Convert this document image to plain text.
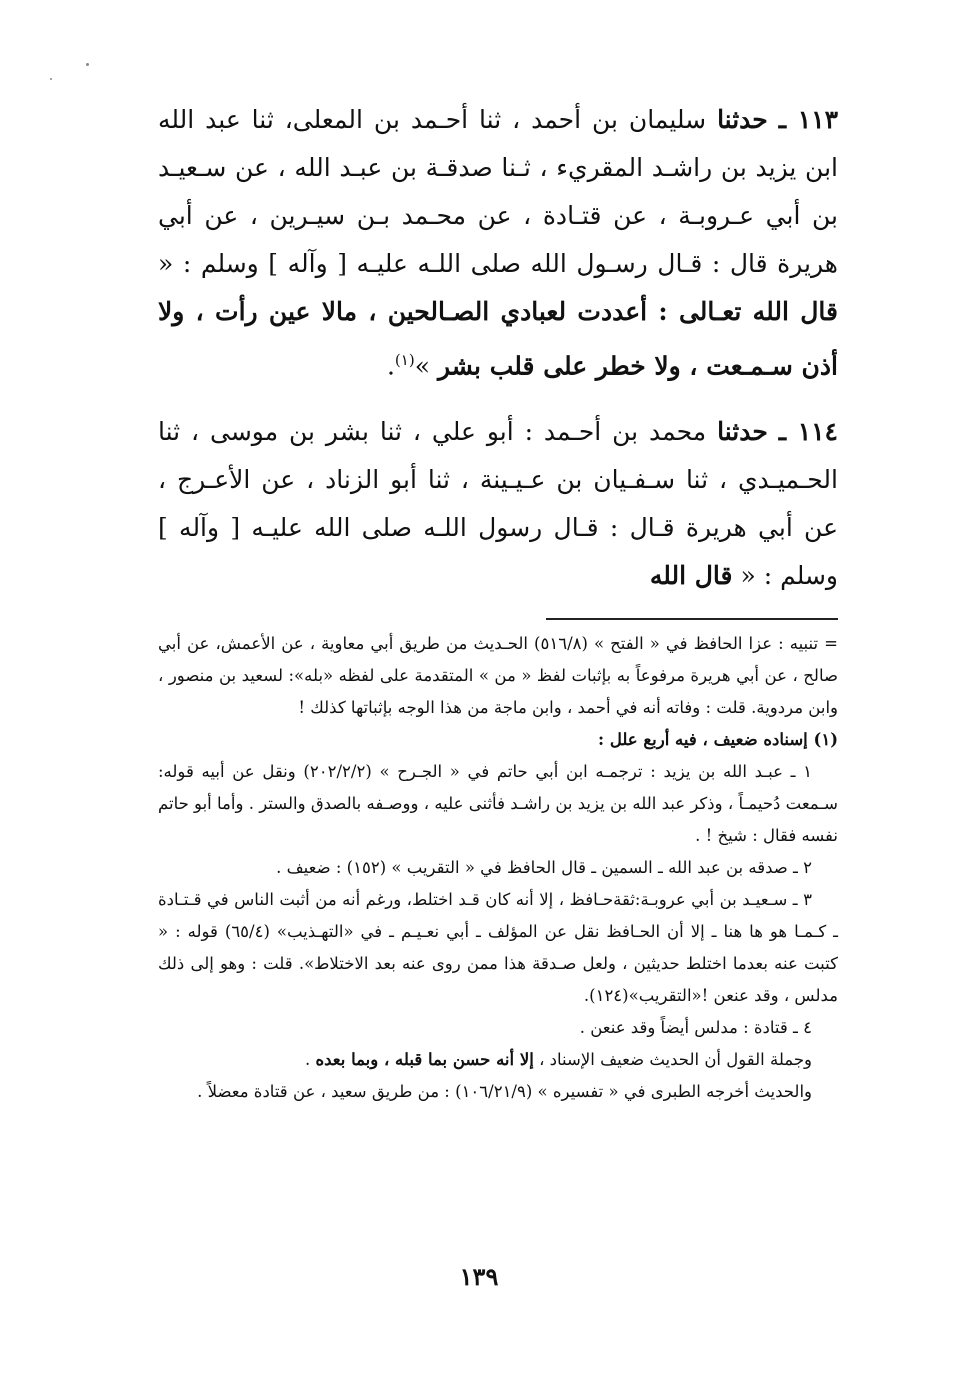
١١٣ ـ حدثنا سليمان بن أحمد ، ثنا أحـمد بن المعلى، ثنا عبد الله ابن يزيد بن راشـد المقريء ، ثـنا صدقـة بن عبـد الله ، عن سـعيـد بن أبي عـروبـة ، عن قتـادة ، عن محـمد بـن سيـرين ، عن أبي هريرة قال : قـال رسـول الله صلى اللـه عليـه [ وآله ] وسلم : « قال الله تعـالى : أعددت لعبادي الصـالحين ، مالا عين رأت ، ولا أذن سـمـعت ، ولا خطر على قلب بشر »$^{(١)}$.

١١٤ ـ حدثنا محمد بن أحـمد : أبو علي ، ثنا بشر بن موسى ، ثنا الحـميـدي ، ثنا سـفـيان بن عـيـينة ، ثنا أبو الزناد ، عن الأعـرج ، عن أبي هريرة قـال : قـال رسول اللـه صلى الله عليـه [ وآله ] وسلم : « قال الله

= تنبيه : عزا الحافظ في « الفتح » (٥١٦/٨) الحـديث من طريق أبي معاوية ، عن الأعمش، عن أبي صالح ، عن أبي هريرة مرفوعاً به بإثبات لفظ « من » المتقدمة على لفظه «بله»: لسعيد بن منصور ، وابن مردوية. قلت : وفاته أنه في أحمد ، وابن ماجة من هذا الوجه بإثباتها كذلك !

(١) إسناده ضعيف ، فيه أربع علل :

١ ـ عبـد الله بن يزيد : ترجمـه ابن أبي حاتم في « الجـرح » (٢٠٢/٢/٢) ونقل عن أبيه قوله: سـمعت دُحيمـاً ، وذكر عبد الله بن يزيد بن راشـد فأثنى عليه ، ووصـفه بالصدق والستر . وأما أبو حاتم نفسه فقال : شيخ ! .

٢ ـ صدقه بن عبد الله ـ السمين ـ قال الحافظ في « التقريب » (١٥٢) : ضعيف .

٣ ـ سـعيـد بن أبي عروبـة:ثقةحـافظ ، إلا أنه كان قـد اختلط، ورغم أنه من أثبت الناس في قـتـادة ـ كـمـا هو ها هنا ـ إلا أن الحـافظ نقل عن المؤلف ـ أبي نعـيـم ـ في «التهـذيب» (٦٥/٤) قوله : « كتبت عنه بعدما اختلط حديثين ، ولعل صـدقة هذا ممن روى عنه بعد الاختلاط». قلت : وهو إلى ذلك مدلس ، وقد عنعن !«التقريب»(١٢٤).

٤ ـ قتادة : مدلس أيضاً وقد عنعن .

وجملة القول أن الحديث ضعيف الإسناد ، إلا أنه حسن بما قبله ، وبما بعده .

والحديث أخرجه الطبرى في « تفسيره » (١٠٦/٢١/٩) : من طريق سعيد ، عن قتادة معضلاً .

١٣٩
